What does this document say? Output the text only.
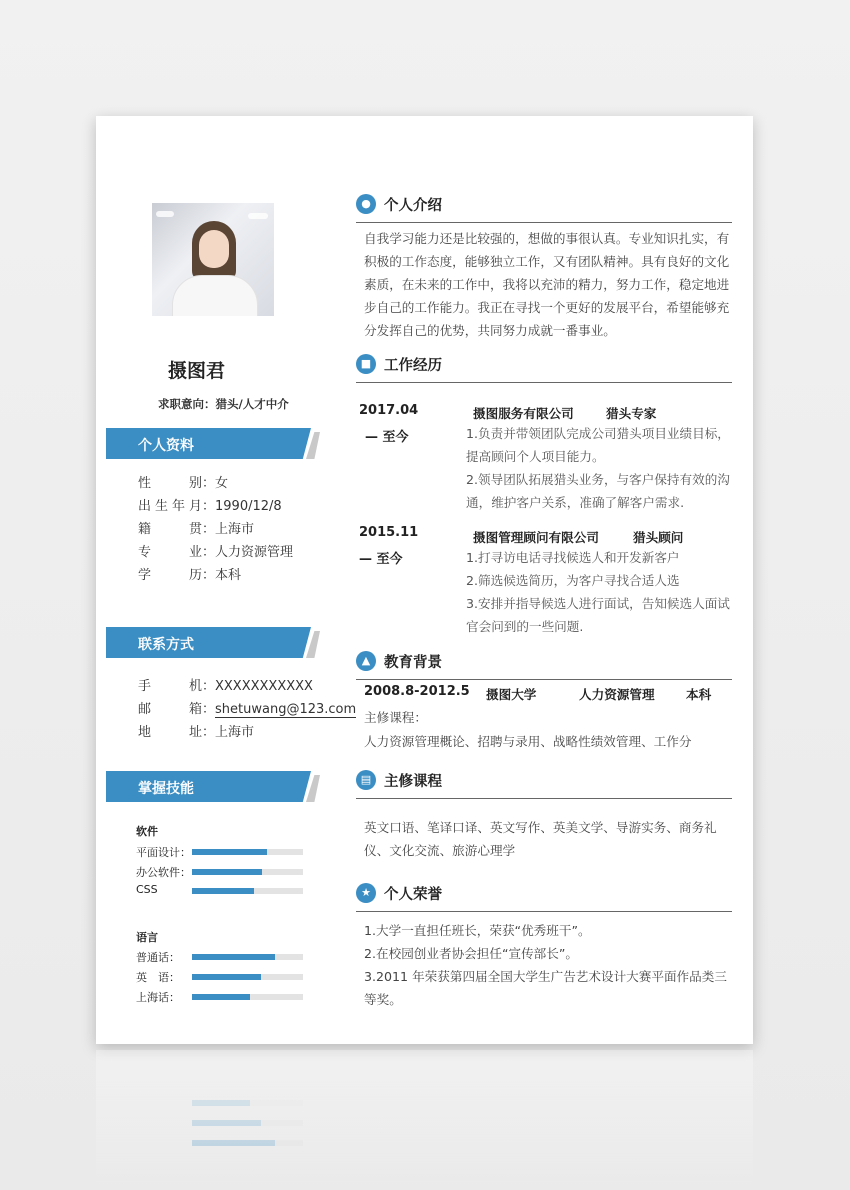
摄图君
求职意向：猎头/人才中介
个人资料
性别：女
出生年月：1990/12/8
籍贯：上海市
专业：人力资源管理
学历：本科
联系方式
手机：XXXXXXXXXXX
邮箱：shetuwang@123.com
地址：上海市
掌握技能
软件
平面设计：
办公软件：
CSS
语言
普通话：
英　语：
上海话：
● 个人介绍
自我学习能力还是比较强的，想做的事很认真。专业知识扎实，有积极的工作态度，能够独立工作，又有团队精神。具有良好的文化素质，在未来的工作中，我将以充沛的精力，努力工作，稳定地进步自己的工作能力。我正在寻找一个更好的发展平台，希望能够充分发挥自己的优势，共同努力成就一番事业。
■ 工作经历
2017.04
— 至今
摄图服务有限公司	猎头专家
1.负责并带领团队完成公司猎头项目业绩目标，提高顾问个人项目能力。
2.领导团队拓展猎头业务，与客户保持有效的沟通，维护客户关系，准确了解客户需求.
2015.11
— 至今
摄图管理顾问有限公司	猎头顾问
1.打寻访电话寻找候选人和开发新客户
2.筛选候选简历，为客户寻找合适人选
3.安排并指导候选人进行面试，告知候选人面试官会问到的一些问题.
▲ 教育背景
2008.8-2012.5 摄图大学	人力资源管理 本科
主修课程：
人力资源管理概论、招聘与录用、战略性绩效管理、工作分
▤ 主修课程
英文口语、笔译口译、英文写作、英美文学、导游实务、商务礼仪、文化交流、旅游心理学
★ 个人荣誉
1.大学一直担任班长，荣获“优秀班干”。
2.在校园创业者协会担任“宣传部长”。
3.2011 年荣获第四届全国大学生广告艺术设计大赛平面作品类三等奖。
